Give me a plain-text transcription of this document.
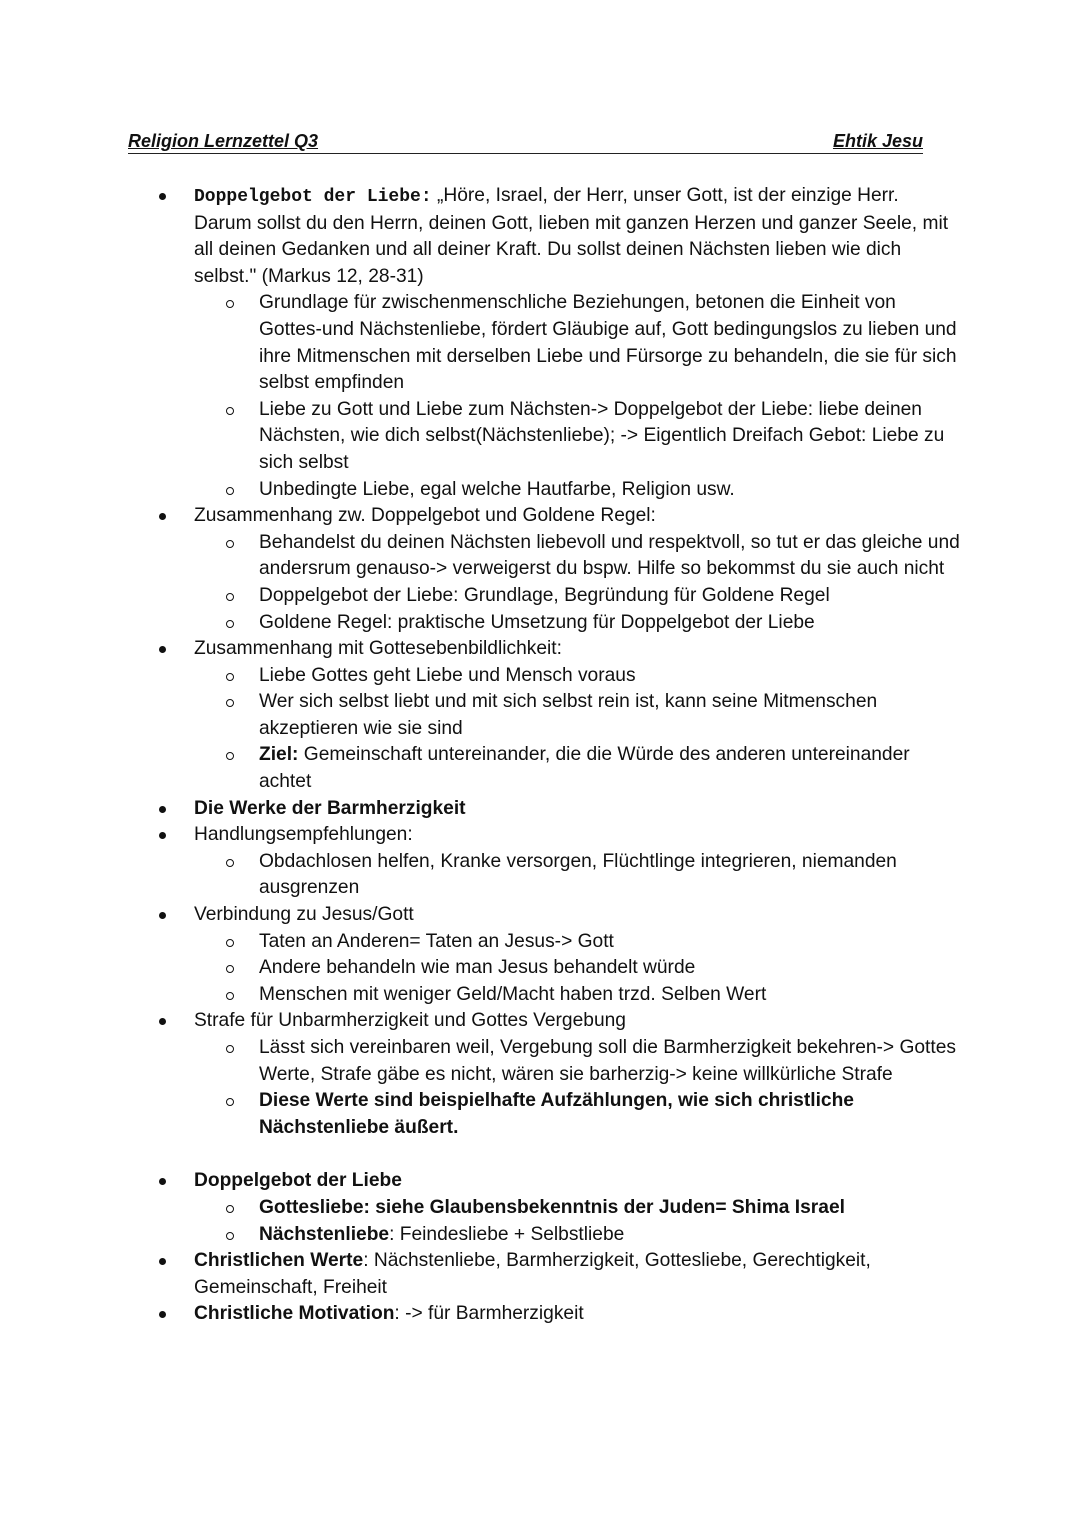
Religion Lernzettel Q3	Ehtik Jesu
Doppelgebot der Liebe: „Höre, Israel, der Herr, unser Gott, ist der einzige Herr. Darum sollst du den Herrn, deinen Gott, lieben mit ganzen Herzen und ganzer Seele, mit all deinen Gedanken und all deiner Kraft. Du sollst deinen Nächsten lieben wie dich selbst." (Markus 12, 28-31)
Grundlage für zwischenmenschliche Beziehungen, betonen die Einheit von Gottes-und Nächstenliebe, fördert Gläubige auf, Gott bedingungslos zu lieben und ihre Mitmenschen mit derselben Liebe und Fürsorge zu behandeln, die sie für sich selbst empfinden
Liebe zu Gott und Liebe zum Nächsten-> Doppelgebot der Liebe: liebe deinen Nächsten, wie dich selbst(Nächstenliebe); -> Eigentlich Dreifach Gebot: Liebe zu sich selbst
Unbedingte Liebe, egal welche Hautfarbe, Religion usw.
Zusammenhang zw. Doppelgebot und Goldene Regel:
Behandelst du deinen Nächsten liebevoll und respektvoll, so tut er das gleiche und andersrum genauso-> verweigerst du bspw. Hilfe so bekommst du sie auch nicht
Doppelgebot der Liebe: Grundlage, Begründung für Goldene Regel
Goldene Regel: praktische Umsetzung für Doppelgebot der Liebe
Zusammenhang mit Gottesebenbildlichkeit:
Liebe Gottes geht Liebe und Mensch voraus
Wer sich selbst liebt und mit sich selbst rein ist, kann seine Mitmenschen akzeptieren wie sie sind
Ziel: Gemeinschaft untereinander, die die Würde des anderen untereinander achtet
Die Werke der Barmherzigkeit
Handlungsempfehlungen:
Obdachlosen helfen, Kranke versorgen, Flüchtlinge integrieren, niemanden ausgrenzen
Verbindung zu Jesus/Gott
Taten an Anderen= Taten an Jesus-> Gott
Andere behandeln wie man Jesus behandelt würde
Menschen mit weniger Geld/Macht haben trzd. Selben Wert
Strafe für Unbarmherzigkeit und Gottes Vergebung
Lässt sich vereinbaren weil, Vergebung soll die Barmherzigkeit bekehren-> Gottes Werte, Strafe gäbe es nicht, wären sie barherzig-> keine willkürliche Strafe
Diese Werte sind beispielhafte Aufzählungen, wie sich christliche Nächstenliebe äußert.
Doppelgebot der Liebe
Gottesliebe: siehe Glaubensbekenntnis der Juden= Shima Israel
Nächstenliebe: Feindesliebe + Selbstliebe
Christlichen Werte: Nächstenliebe, Barmherzigkeit, Gottesliebe, Gerechtigkeit, Gemeinschaft, Freiheit
Christliche Motivation: -> für Barmherzigkeit
